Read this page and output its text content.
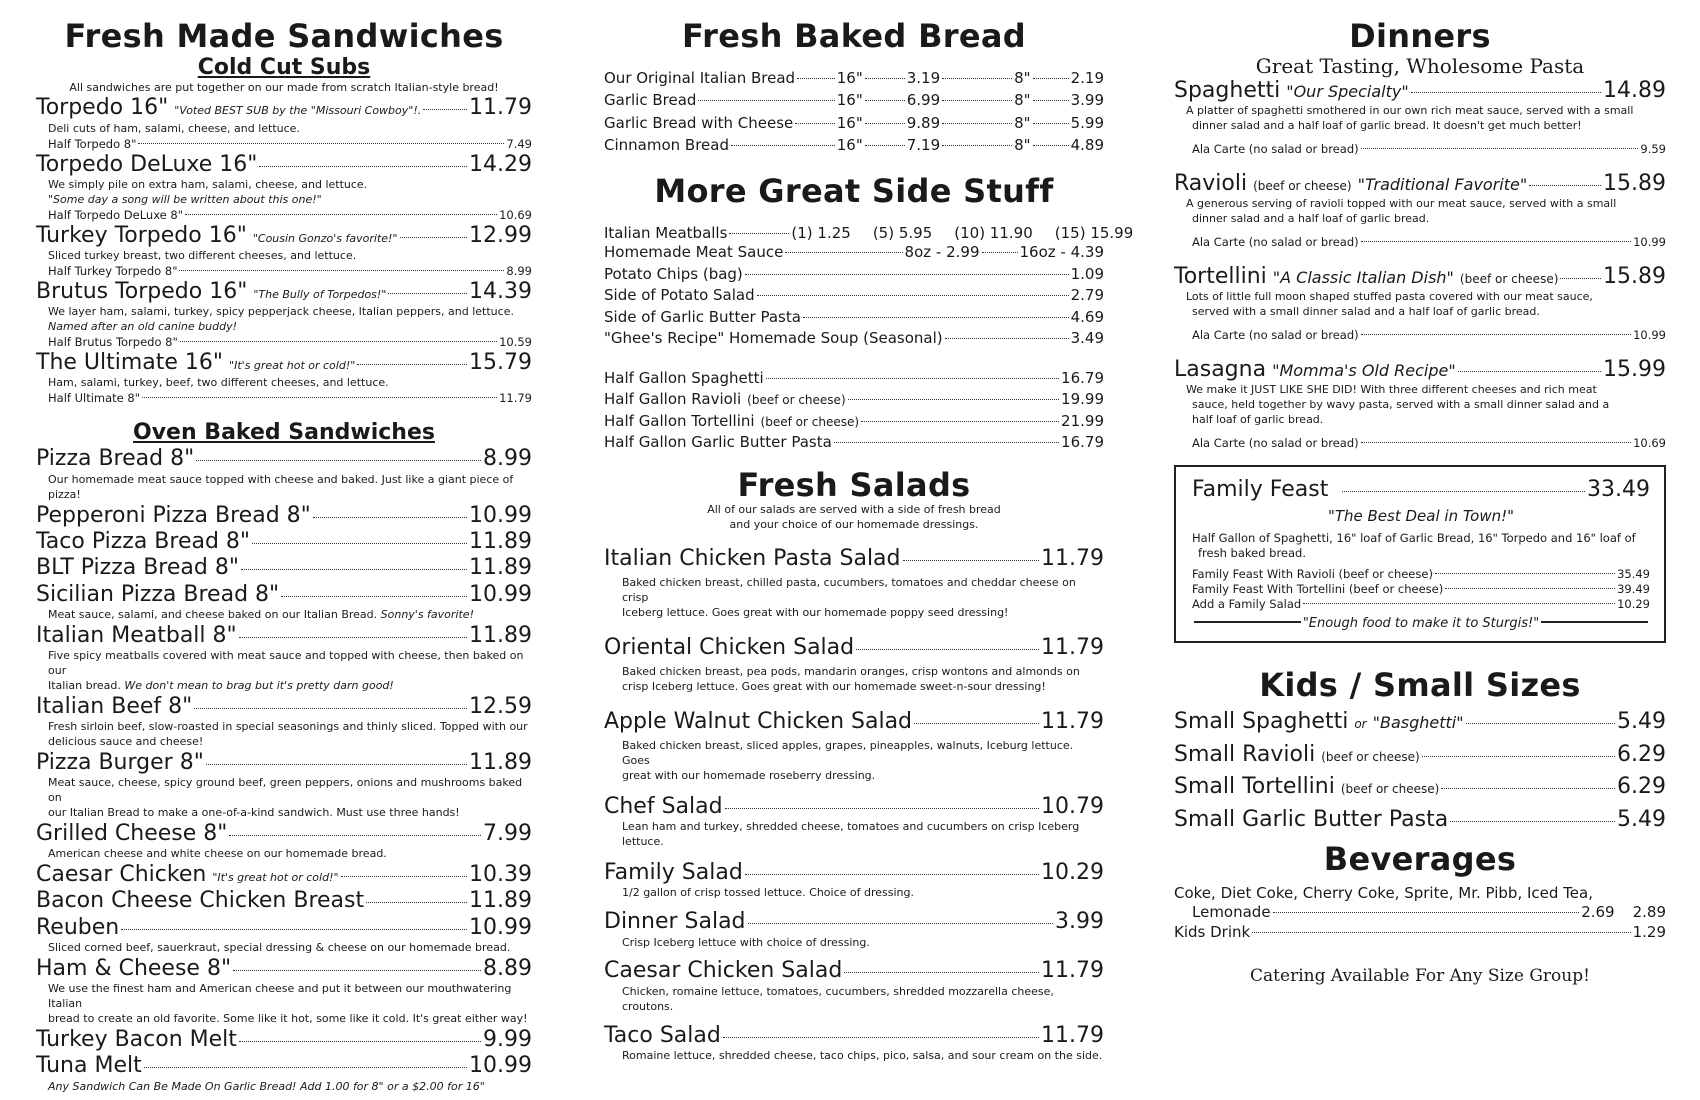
Fresh Made Sandwiches
Cold Cut Subs
All sandwiches are put together on our made from scratch Italian-style bread!
Torpedo 16" "Voted BEST SUB by the "Missouri Cowboy"!. 11.79
Deli cuts of ham, salami, cheese, and lettuce.
Half Torpedo 8"	7.49
Torpedo DeLuxe 16"	14.29
We simply pile on extra ham, salami, cheese, and lettuce.
"Some day a song will be written about this one!"
Half Torpedo DeLuxe 8"	10.69
Turkey Torpedo 16" "Cousin Gonzo's favorite!"	12.99
Sliced turkey breast, two different cheeses, and lettuce.
Half Turkey Torpedo 8"	8.99
Brutus Torpedo 16" "The Bully of Torpedos!"	14.39
We layer ham, salami, turkey, spicy pepperjack cheese, Italian peppers, and lettuce.
Named after an old canine buddy!
Half Brutus Torpedo 8"	10.59
The Ultimate 16" "It's great hot or cold!"	15.79
Ham, salami, turkey, beef, two different cheeses, and lettuce.
Half Ultimate 8"	11.79
Oven Baked Sandwiches
Pizza Bread 8"	8.99
Our homemade meat sauce topped with cheese and baked. Just like a giant piece of pizza!
Pepperoni Pizza Bread 8"	10.99
Taco Pizza Bread 8"	11.89
BLT Pizza Bread 8"	11.89
Sicilian Pizza Bread 8"	10.99
Meat sauce, salami, and cheese baked on our Italian Bread. Sonny's favorite!
Italian Meatball 8"	11.89
Five spicy meatballs covered with meat sauce and topped with cheese, then baked on our
Italian bread. We don't mean to brag but it's pretty darn good!
Italian Beef 8"	12.59
Fresh sirloin beef, slow-roasted in special seasonings and thinly sliced. Topped with our
delicious sauce and cheese!
Pizza Burger 8"	11.89
Meat sauce, cheese, spicy ground beef, green peppers, onions and mushrooms baked on
our Italian Bread to make a one-of-a-kind sandwich. Must use three hands!
Grilled Cheese 8"	7.99
American cheese and white cheese on our homemade bread.
Caesar Chicken "It's great hot or cold!"	10.39
Bacon Cheese Chicken Breast	11.89
Reuben	10.99
Sliced corned beef, sauerkraut, special dressing & cheese on our homemade bread.
Ham & Cheese 8"	8.89
We use the finest ham and American cheese and put it between our mouthwatering Italian
bread to create an old favorite. Some like it hot, some like it cold. It's great either way!
Turkey Bacon Melt	9.99
Tuna Melt	10.99
Any Sandwich Can Be Made On Garlic Bread! Add 1.00 for 8" or a $2.00 for 16"
Fresh Baked Bread
Our Original Italian Bread	16"	3.19	8"	2.19
Garlic Bread	16"	6.99	8"	3.99
Garlic Bread with Cheese	16"	9.89	8"	5.99
Cinnamon Bread	16"	7.19	8"	4.89
More Great Side Stuff
Italian Meatballs	(1) 1.25 (5) 5.95 (10) 11.90 (15) 15.99
Homemade Meat Sauce	8oz - 2.99	16oz - 4.39
Potato Chips (bag)	1.09
Side of Potato Salad	2.79
Side of Garlic Butter Pasta	4.69
"Ghee's Recipe" Homemade Soup (Seasonal)	3.49
Half Gallon Spaghetti	16.79
Half Gallon Ravioli (beef or cheese)	19.99
Half Gallon Tortellini (beef or cheese)	21.99
Half Gallon Garlic Butter Pasta	16.79
Fresh Salads
All of our salads are served with a side of fresh bread
and your choice of our homemade dressings.
Italian Chicken Pasta Salad	11.79
Baked chicken breast, chilled pasta, cucumbers, tomatoes and cheddar cheese on crisp
Iceberg lettuce. Goes great with our homemade poppy seed dressing!
Oriental Chicken Salad	11.79
Baked chicken breast, pea pods, mandarin oranges, crisp wontons and almonds on
crisp Iceberg lettuce. Goes great with our homemade sweet-n-sour dressing!
Apple Walnut Chicken Salad	11.79
Baked chicken breast, sliced apples, grapes, pineapples, walnuts, Iceburg lettuce. Goes
great with our homemade roseberry dressing.
Chef Salad	10.79
Lean ham and turkey, shredded cheese, tomatoes and cucumbers on crisp Iceberg
lettuce.
Family Salad	10.29
1/2 gallon of crisp tossed lettuce. Choice of dressing.
Dinner Salad	3.99
Crisp Iceberg lettuce with choice of dressing.
Caesar Chicken Salad	11.79
Chicken, romaine lettuce, tomatoes, cucumbers, shredded mozzarella cheese, croutons.
Taco Salad	11.79
Romaine lettuce, shredded cheese, taco chips, pico, salsa, and sour cream on the side.
Dinners
Great Tasting, Wholesome Pasta
Spaghetti "Our Specialty"	14.89
A platter of spaghetti smothered in our own rich meat sauce, served with a small
dinner salad and a half loaf of garlic bread. It doesn't get much better!
Ala Carte (no salad or bread)	9.59
Ravioli (beef or cheese) "Traditional Favorite"	15.89
A generous serving of ravioli topped with our meat sauce, served with a small
dinner salad and a half loaf of garlic bread.
Ala Carte (no salad or bread)	10.99
Tortellini "A Classic Italian Dish" (beef or cheese) 15.89
Lots of little full moon shaped stuffed pasta covered with our meat sauce,
served with a small dinner salad and a half loaf of garlic bread.
Ala Carte (no salad or bread)	10.99
Lasagna "Momma's Old Recipe"	15.99
We make it JUST LIKE SHE DID! With three different cheeses and rich meat
sauce, held together by wavy pasta, served with a small dinner salad and a
half loaf of garlic bread.
Ala Carte (no salad or bread)	10.69
Family Feast	33.49
"The Best Deal in Town!"
Half Gallon of Spaghetti, 16" loaf of Garlic Bread, 16" Torpedo and 16" loaf of
fresh baked bread.
Family Feast With Ravioli (beef or cheese)	35.49
Family Feast With Tortellini (beef or cheese)	39.49
Add a Family Salad	10.29
"Enough food to make it to Sturgis!"
Kids / Small Sizes
Small Spaghetti or "Basghetti"	5.49
Small Ravioli (beef or cheese)	6.29
Small Tortellini (beef or cheese)	6.29
Small Garlic Butter Pasta	5.49
Beverages
Coke, Diet Coke, Cherry Coke, Sprite, Mr. Pibb, Iced Tea,
Lemonade	2.69 2.89
Kids Drink	1.29
Catering Available For Any Size Group!
